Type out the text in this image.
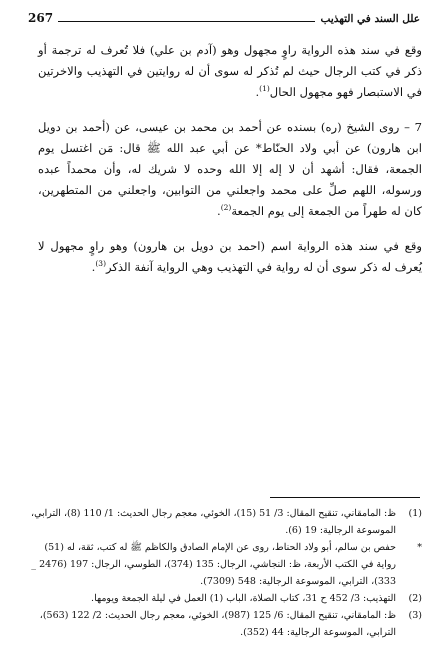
علل السند في التهذيب
267

وقع في سند هذه الرواية راوٍ مجهول وهو (آدم بن علي) فلا تُعرف له ترجمة أو ذكر في كتب الرجال حيث لم تُذكر له سوى أن له روايتين في التهذيب والاخرتين في الاستبصار فهو مجهول الحال$^{(1)}$.

7 – روى الشيخ (ره) بسنده عن أحمد بن محمد بن عيسى، عن (أحمد بن دويل ابن هارون) عن أبي ولاد الحنّاط* عن أبي عبد الله ﷺ قال: مَن اغتسل يوم الجمعة، فقال: أشهد أن لا إله إلا الله وحده لا شريك له، وأن محمداً عبده ورسوله، اللهم صلِّ على محمد واجعلني من التوابين، واجعلني من المتطهرين، كان له طهراً من الجمعة إلى يوم الجمعة$^{(2)}$.

وقع في سند هذه الرواية اسم (احمد بن دويل بن هارون) وهو راوٍ مجهول لا يُعرف له ذكر سوى أن له رواية في التهذيب وهي الرواية آنفة الذكر$^{(3)}$.

(1)
ظ: المامقاني، تنقيح المقال: 3/ 51 (15)، الخوئي، معجم رجال الحديث: 1/ 110 (8)، الترابي، الموسوعة الرجالية: 19 (6).
*
حفص بن سالم، أبو ولاد الحناط، روى عن الإمام الصادق والكاظم ﷺ له كتب، ثقة، له (51) رواية في الكتب الأربعة، ظ: النجاشي، الرجال: 135 (374)، الطوسي، الرجال: 197 (2476 _ 333)، الترابي، الموسوعة الرجالية: 548 (7309).
(2)
التهذيب: 3/ 452 ح 31، كتاب الصلاة، الباب (1) العمل في ليلة الجمعة ويومها.
(3)
ظ: المامقاني، تنقيح المقال: 6/ 125 (987)، الخوئي، معجم رجال الحديث: 2/ 122 (563)، الترابي، الموسوعة الرجالية: 44 (352).
